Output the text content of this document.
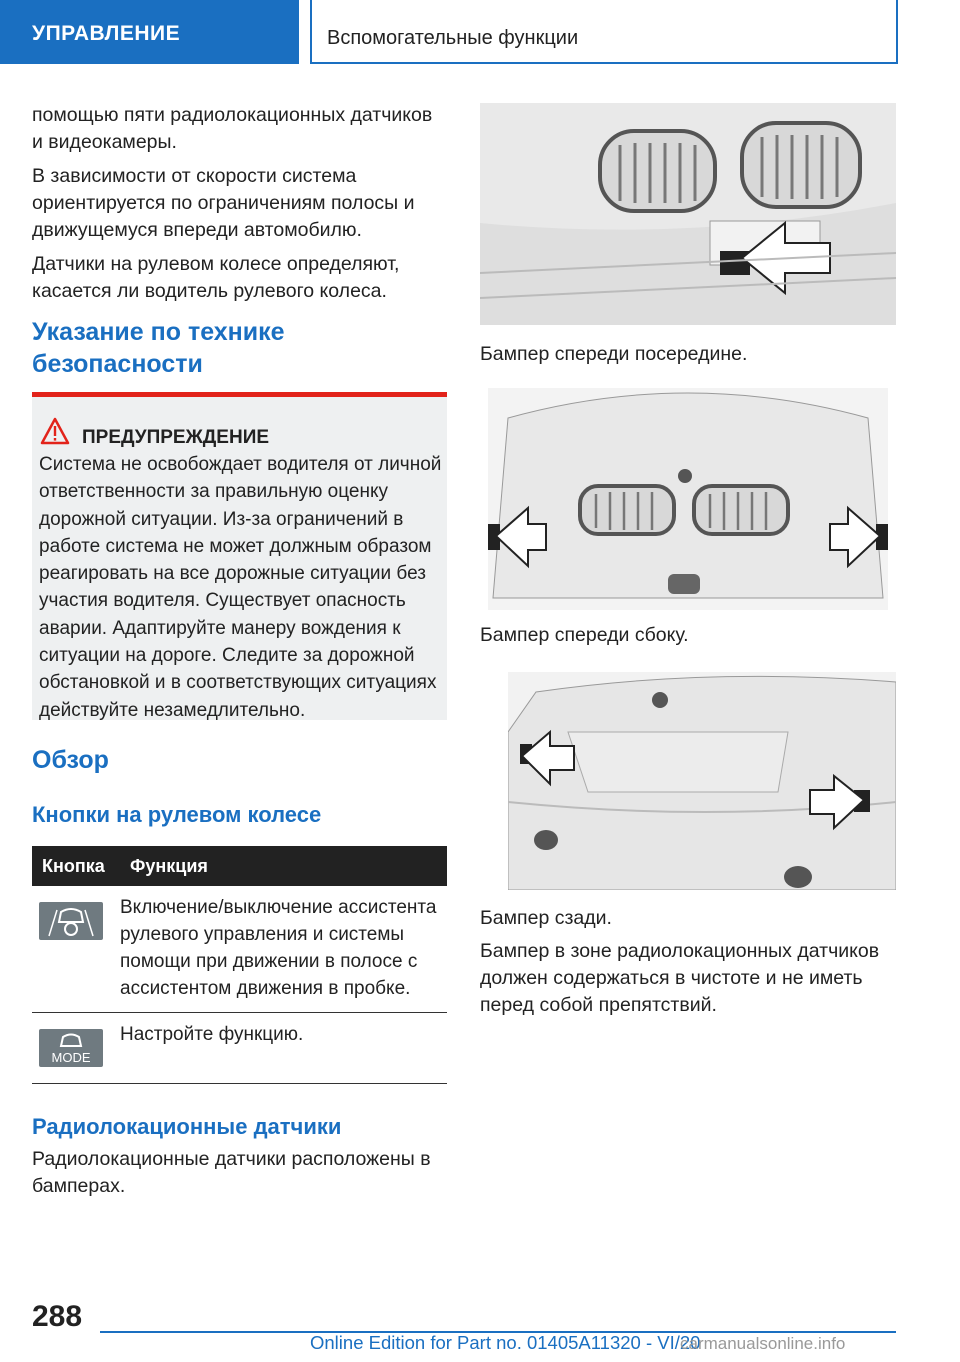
УПРАВЛЕНИЕ	Вспомогательные функции

помощью пяти радиолокационных датчиков и видеокамеры.

В зависимости от скорости система ориентируется по ограничениям полосы и движущемуся впереди автомобилю.

Датчики на рулевом колесе определяют, касается ли водитель рулевого колеса.

Указание по технике безопасности
ПРЕДУПРЕЖДЕНИЕ

Система не освобождает водителя от личной ответственности за правильную оценку дорожной ситуации. Из-за ограничений в работе система не может должным образом реагировать на все дорожные ситуации без участия водителя. Существует опасность аварии. Адаптируйте манеру вождения к ситуации на дороге. Следите за дорожной обстановкой и в соответствующих ситуациях действуйте незамедлительно.

Обзор
Кнопки на рулевом колесе
Кнопка	Функция

	Включение/выключение ассистента рулевого управления и системы помощи при движении в полосе с ассистентом движения в пробке.

MODE	Настройте функцию.
Радиолокационные датчики

Радиолокационные датчики расположены в бамперах.

Бампер спереди посередине.
Бампер спереди сбоку.
Бампер сзади.
Бампер в зоне радиолокационных датчиков должен содержаться в чистоте и не иметь перед собой препятствий.
288
Online Edition for Part no. 01405A11320 - VI/20
carmanualsonline.info
